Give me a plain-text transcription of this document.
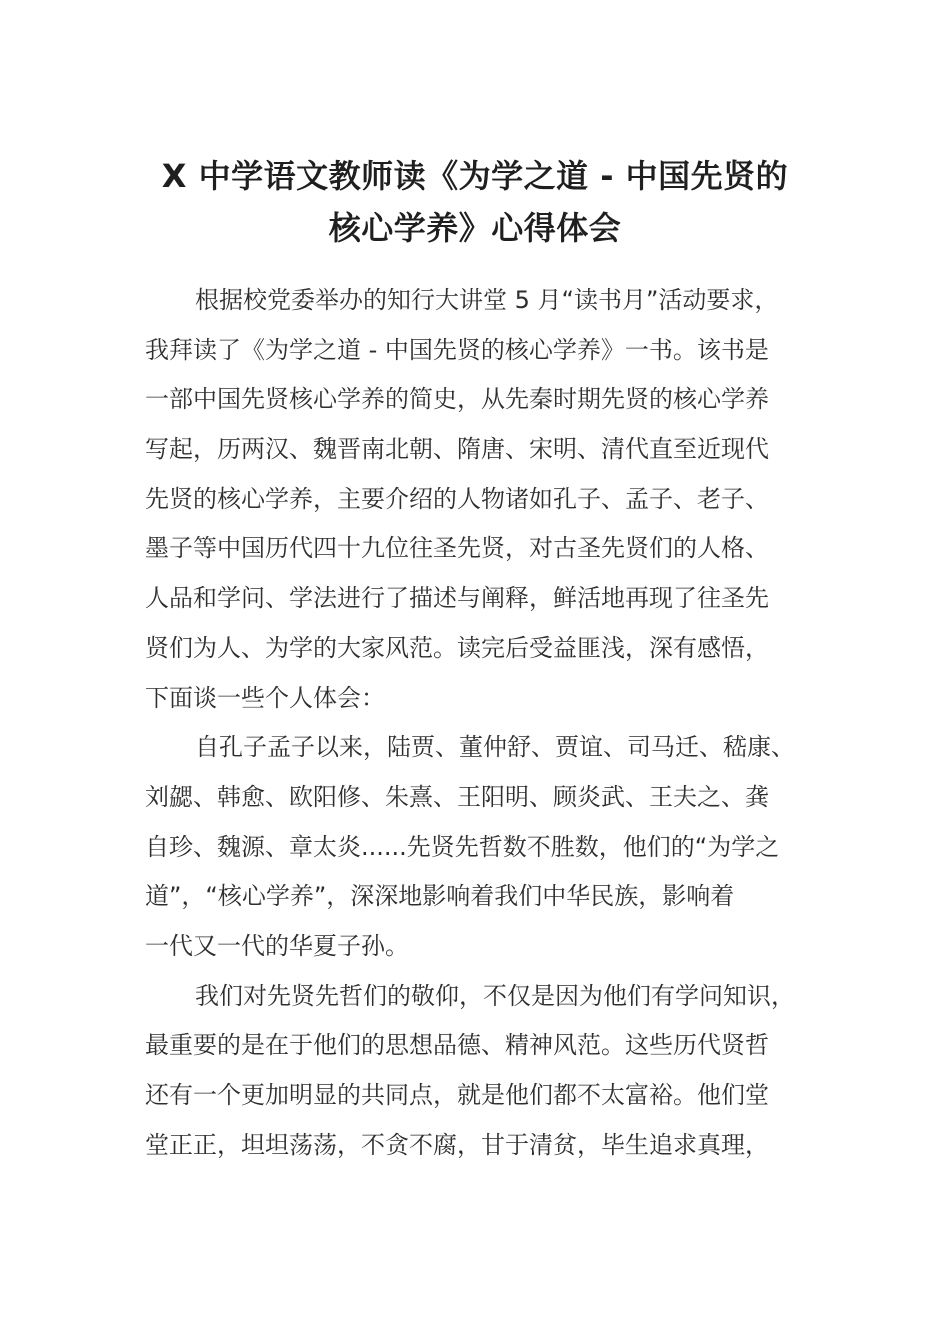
X 中学语文教师读《为学之道 - 中国先贤的
核心学养》心得体会
根据校党委举办的知行大讲堂 5 月“读书月”活动要求，
我拜读了《为学之道 - 中国先贤的核心学养》一书。该书是
一部中国先贤核心学养的简史，从先秦时期先贤的核心学养
写起，历两汉、魏晋南北朝、隋唐、宋明、清代直至近现代
先贤的核心学养，主要介绍的人物诸如孔子、孟子、老子、
墨子等中国历代四十九位往圣先贤，对古圣先贤们的人格、
人品和学问、学法进行了描述与阐释，鲜活地再现了往圣先
贤们为人、为学的大家风范。读完后受益匪浅，深有感悟，
下面谈一些个人体会：
自孔子孟子以来，陆贾、董仲舒、贾谊、司马迁、嵇康、
刘勰、韩愈、欧阳修、朱熹、王阳明、顾炎武、王夫之、龚
自珍、魏源、章太炎......先贤先哲数不胜数，他们的“为学之
道”，“核心学养”，深深地影响着我们中华民族，影响着
一代又一代的华夏子孙。
我们对先贤先哲们的敬仰，不仅是因为他们有学问知识，
最重要的是在于他们的思想品德、精神风范。这些历代贤哲
还有一个更加明显的共同点，就是他们都不太富裕。他们堂
堂正正，坦坦荡荡，不贪不腐，甘于清贫，毕生追求真理，
